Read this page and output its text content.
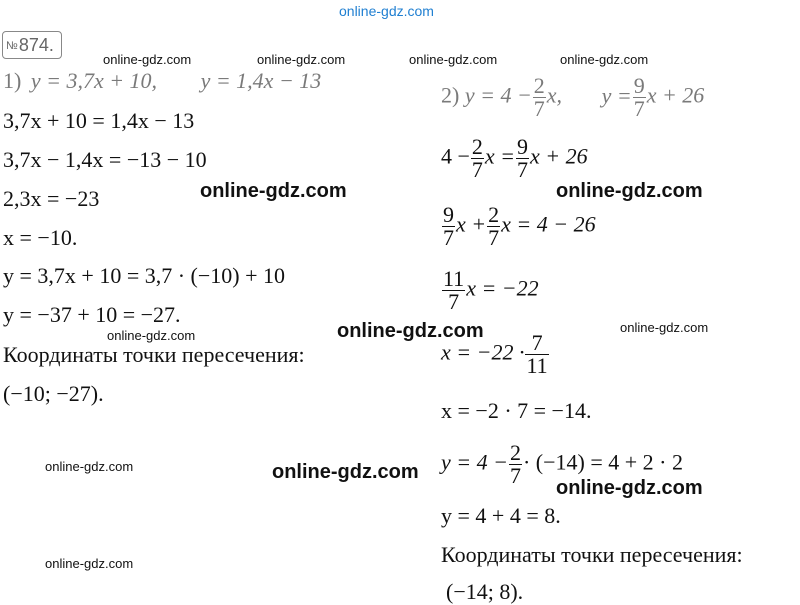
online-gdz.com
№874.
online-gdz.com	online-gdz.com	online-gdz.com	online-gdz.com
online-gdz.com
online-gdz.com
online-gdz.com
online-gdz.com
online-gdz.com	online-gdz.com
online-gdz.com
online-gdz.com
online-gdz.com
1) y = 3,7x + 10, y = 1,4x − 13
3,7x + 10 = 1,4x − 13
3,7x − 1,4x = −13 − 10
2,3x = −23
x = −10.
y = 3,7x + 10 = 3,7 · (−10) + 10
y = −37 + 10 = −27.
Координаты точки пересечения:
(−10; −27).
2) $y = 4 - \frac{2}{7} x$, $y = \frac{9}{7}$ x + 26
$4 - \frac{2}{7}$ $x = \frac{9}{7}$ x + 26
$\frac{9}{7}$ $x + \frac{2}{7}$ x = 4 − 26
$\frac{11}{7}$ x = −22
$x = -22 \cdot \frac{7}{11}$
x = −2 · 7 = −14.
$y = 4 - \frac{2}{7} \cdot (-14) = 4 + 2 \cdot 2$
y = 4 + 4 = 8.
Координаты точки пересечения:
(−14; 8).
